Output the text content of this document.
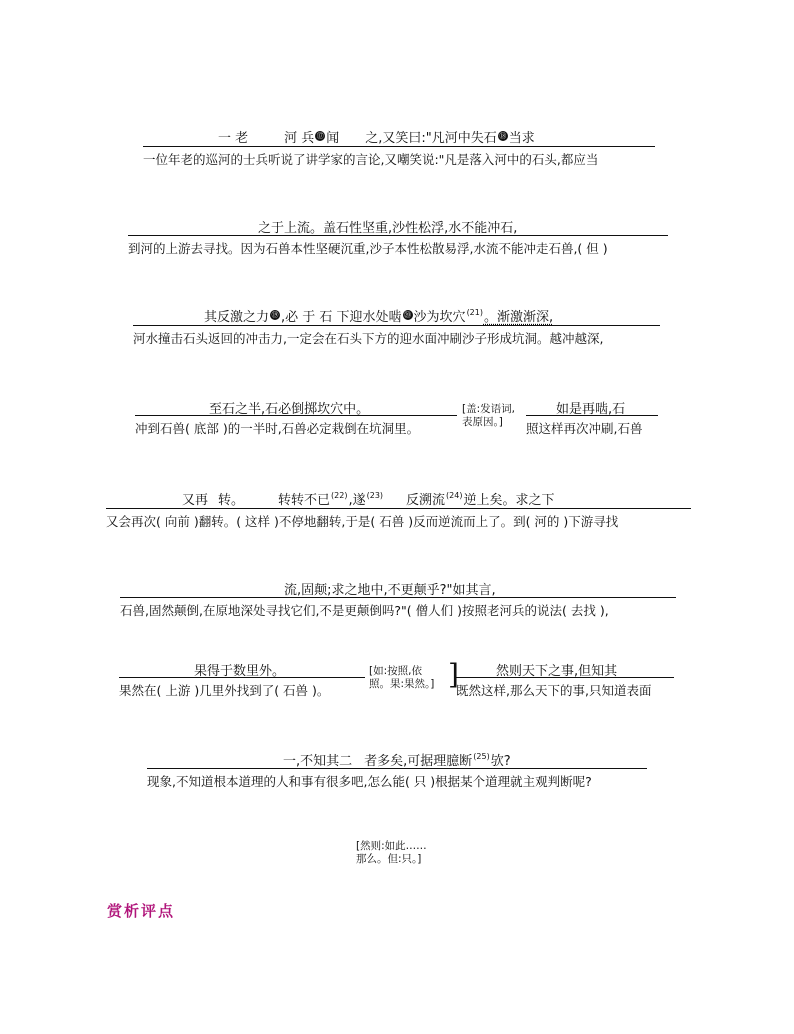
一 老	河 兵 ⑰ 闻 之,又笑曰:"凡河中失石 ⑱ 当求
一位年老的巡河的士兵听说了讲学家的言论,又嘲笑说:"凡是落入河中的石头,都应当
之于上流。盖石性坚重,沙性松浮,水不能冲石,
到河的上游去寻找。因为石兽本性坚硬沉重,沙子本性松散易浮,水流不能冲走石兽,( 但 )
其反激之力 ⑲ ,必 于 石 下迎水处啮 ⑳ 沙为坎穴$^{(21)}$。渐激渐深,
河水撞击石头返回的冲击力,一定会在石头下方的迎水面冲刷沙子形成坑洞。越冲越深,
至石之半,石必倒掷坎穴中。
冲到石兽( 底部 )的一半时,石兽必定栽倒在坑洞里。
[盖:发语词,
表原因。]
如是再啮,石
照这样再次冲刷,石兽
又再 转。	转转不已$^{(22)}$,遂$^{(23)}$ 反溯流$^{(24)}$逆上矣。求之下
又会再次( 向前 )翻转。( 这样 )不停地翻转,于是( 石兽 )反而逆流而上了。到( 河的 )下游寻找
流,固颠;求之地中,不更颠乎?"如其言,
石兽,固然颠倒,在原地深处寻找它们,不是更颠倒吗?"( 僧人们 )按照老河兵的说法( 去找 ),
果得于数里外。
果然在( 上游 )几里外找到了( 石兽 )。
[如:按照,依
照。果:果然。] ]	然则天下之事,但知其
既然这样,那么天下的事,只知道表面
一,不知其二 者多矣,可据理臆断$^{(25)}$欤?
现象,不知道根本道理的人和事有很多吧,怎么能( 只 )根据某个道理就主观判断呢?
[然则:如此……
那么。但:只。]
赏析评点
